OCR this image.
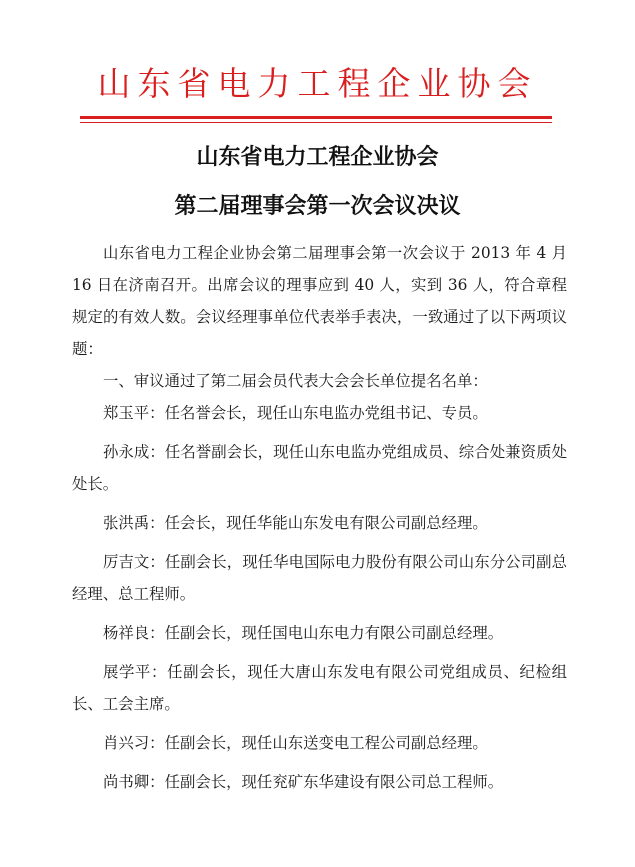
山东省电力工程企业协会
山东省电力工程企业协会
第二届理事会第一次会议决议

山东省电力工程企业协会第二届理事会第一次会议于 2013 年 4 月 16 日在济南召开。出席会议的理事应到 40 人，实到 36 人，符合章程规定的有效人数。会议经理事单位代表举手表决，一致通过了以下两项议题：

一、审议通过了第二届会员代表大会会长单位提名名单：

郑玉平：任名誉会长，现任山东电监办党组书记、专员。

孙永成：任名誉副会长，现任山东电监办党组成员、综合处兼资质处处长。

张洪禹：任会长，现任华能山东发电有限公司副总经理。

厉吉文：任副会长，现任华电国际电力股份有限公司山东分公司副总经理、总工程师。

杨祥良：任副会长，现任国电山东电力有限公司副总经理。

展学平：任副会长，现任大唐山东发电有限公司党组成员、纪检组长、工会主席。

肖兴习：任副会长，现任山东送变电工程公司副总经理。

尚书卿：任副会长，现任兖矿东华建设有限公司总工程师。
